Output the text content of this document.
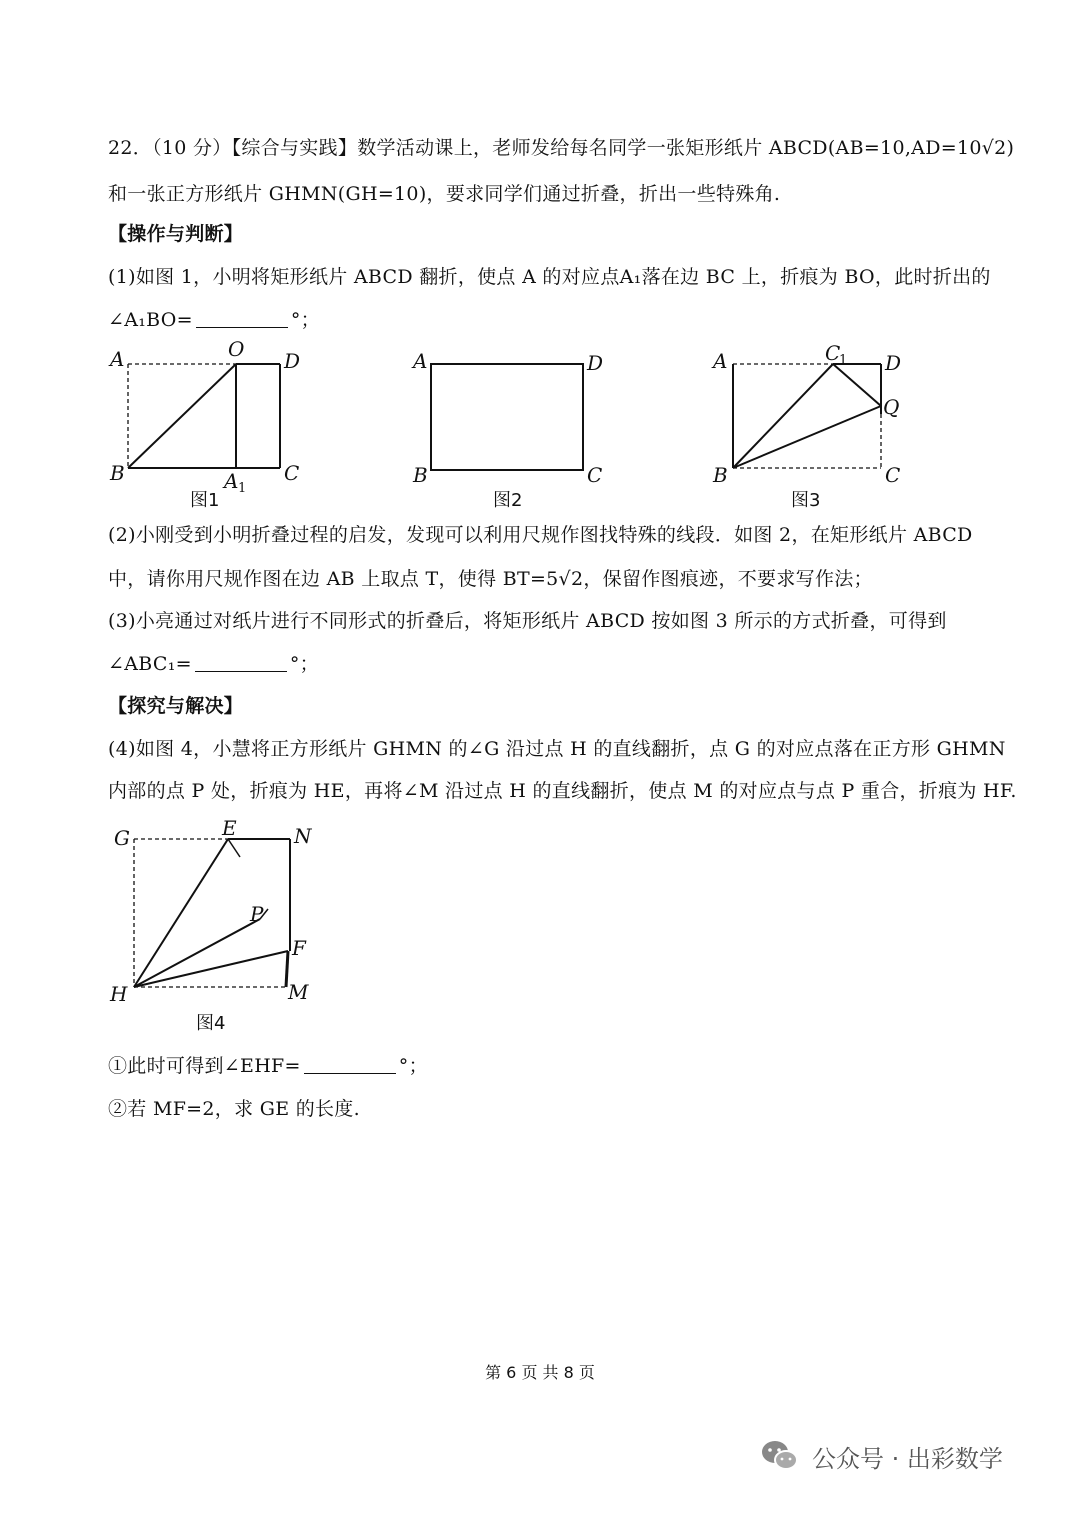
22．（10 分）【综合与实践】数学活动课上，老师发给每名同学一张矩形纸片 ABCD(AB=10,AD=10√2)
和一张正方形纸片 GHMN(GH=10)，要求同学们通过折叠，折出一些特殊角.
【操作与判断】
(1)如图 1，小明将矩形纸片 ABCD 翻折，使点 A 的对应点A₁落在边 BC 上，折痕为 BO，此时折出的
∠A₁BO=	°；
A	O D
B	A 1
C
图1
A	D
B	C
图2
A	C
1 D
Q
B	C
图3
(2)小刚受到小明折叠过程的启发，发现可以利用尺规作图找特殊的线段．如图 2，在矩形纸片 ABCD
中，请你用尺规作图在边 AB 上取点 T，使得 BT=5√2，保留作图痕迹，不要求写作法；
(3)小亮通过对纸片进行不同形式的折叠后，将矩形纸片 ABCD 按如图 3 所示的方式折叠，可得到
∠ABC₁=	°；
【探究与解决】
(4)如图 4，小慧将正方形纸片 GHMN 的∠G 沿过点 H 的直线翻折，点 G 的对应点落在正方形 GHMN
内部的点 P 处，折痕为 HE，再将∠M 沿过点 H 的直线翻折，使点 M 的对应点与点 P 重合，折痕为 HF.
G	E	N
P
F
H	M
图4
①此时可得到∠EHF=	°；
②若 MF=2，求 GE 的长度.
第 6 页 共 8 页
公众号 · 出彩数学
